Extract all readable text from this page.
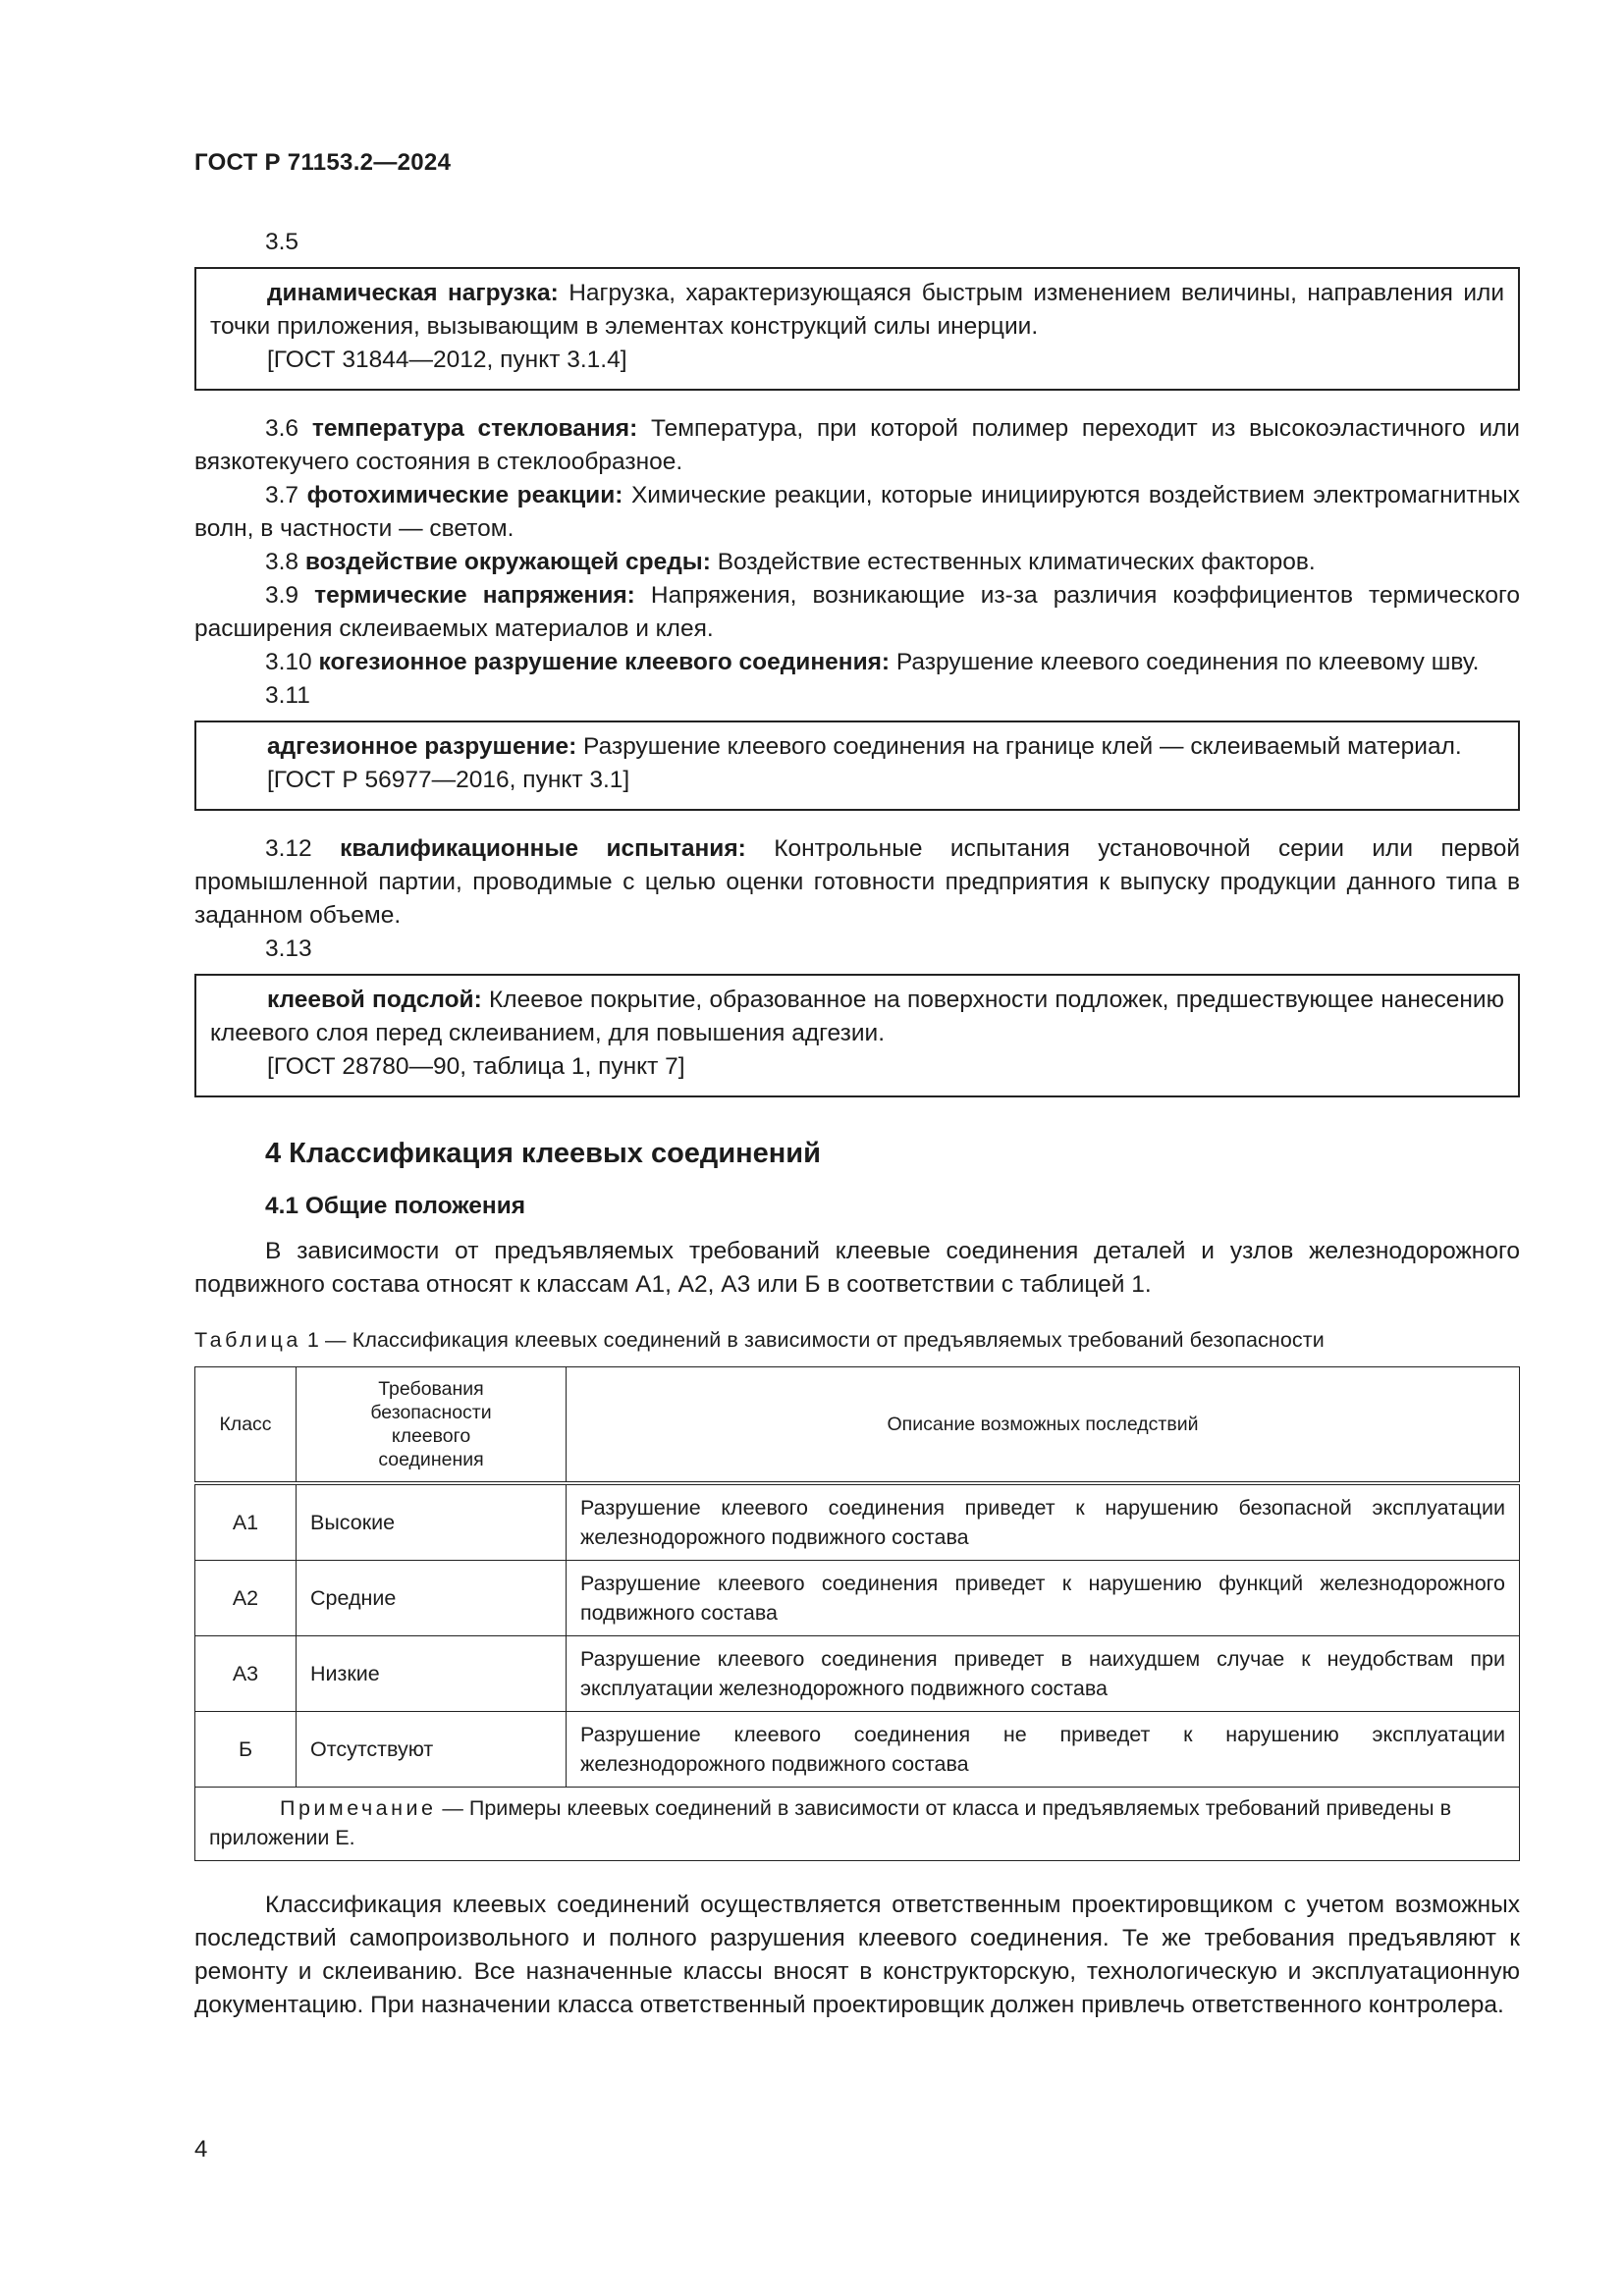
ГОСТ Р 71153.2—2024

3.5

динамическая нагрузка: Нагрузка, характеризующаяся быстрым изменением величины, направления или точки приложения, вызывающим в элементах конструкций силы инерции.

[ГОСТ 31844—2012, пункт 3.1.4]

3.6 температура стеклования: Температура, при которой полимер переходит из высокоэластичного или вязкотекучего состояния в стеклообразное.

3.7 фотохимические реакции: Химические реакции, которые инициируются воздействием электромагнитных волн, в частности — светом.

3.8 воздействие окружающей среды: Воздействие естественных климатических факторов.

3.9 термические напряжения: Напряжения, возникающие из-за различия коэффициентов термического расширения склеиваемых материалов и клея.

3.10 когезионное разрушение клеевого соединения: Разрушение клеевого соединения по клеевому шву.

3.11

адгезионное разрушение: Разрушение клеевого соединения на границе клей — склеиваемый материал.

[ГОСТ Р 56977—2016, пункт 3.1]

3.12 квалификационные испытания: Контрольные испытания установочной серии или первой промышленной партии, проводимые с целью оценки готовности предприятия к выпуску продукции данного типа в заданном объеме.

3.13

клеевой подслой: Клеевое покрытие, образованное на поверхности подложек, предшествующее нанесению клеевого слоя перед склеиванием, для повышения адгезии.

[ГОСТ 28780—90, таблица 1, пункт 7]

4 Классификация клеевых соединений
4.1 Общие положения

В зависимости от предъявляемых требований клеевые соединения деталей и узлов железнодорожного подвижного состава относят к классам А1, А2, А3 или Б в соответствии с таблицей 1.

Таблица 1 — Классификация клеевых соединений в зависимости от предъявляемых требований безопасности
Класс	Требования безопасности клеевого соединения	Описание возможных последствий
А1	Высокие	Разрушение клеевого соединения приведет к нарушению безопасной эксплуатации железнодорожного подвижного состава
А2	Средние	Разрушение клеевого соединения приведет к нарушению функций железнодорожного подвижного состава
А3	Низкие	Разрушение клеевого соединения приведет в наихудшем случае к неудобствам при эксплуатации железнодорожного подвижного состава
Б	Отсутствуют	Разрушение клеевого соединения не приведет к нарушению эксплуатации железнодорожного подвижного состава
Примечание — Примеры клеевых соединений в зависимости от класса и предъявляемых требований приведены в приложении Е.		

Классификация клеевых соединений осуществляется ответственным проектировщиком с учетом возможных последствий самопроизвольного и полного разрушения клеевого соединения. Те же требования предъявляют к ремонту и склеиванию. Все назначенные классы вносят в конструкторскую, технологическую и эксплуатационную документацию. При назначении класса ответственный проектировщик должен привлечь ответственного контролера.

4
